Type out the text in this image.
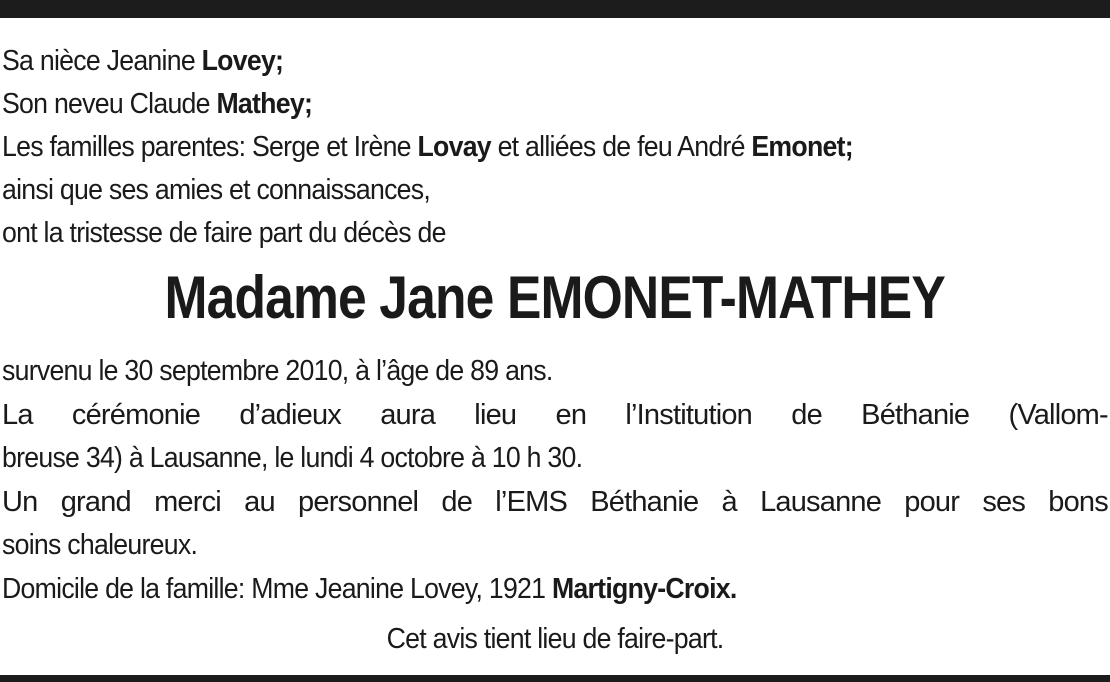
Sa nièce Jeanine Lovey;
Son neveu Claude Mathey;
Les familles parentes: Serge et Irène Lovay et alliées de feu André Emonet;
ainsi que ses amies et connaissances,
ont la tristesse de faire part du décès de
Madame Jane EMONET-MATHEY
survenu le 30 septembre 2010, à l’âge de 89 ans.
La cérémonie d’adieux aura lieu en l’Institution de Béthanie (Vallom-
breuse 34) à Lausanne, le lundi 4 octobre à 10 h 30.
Un grand merci au personnel de l’EMS Béthanie à Lausanne pour ses bons
soins chaleureux.
Domicile de la famille: Mme Jeanine Lovey, 1921 Martigny-Croix.
Cet avis tient lieu de faire-part.
